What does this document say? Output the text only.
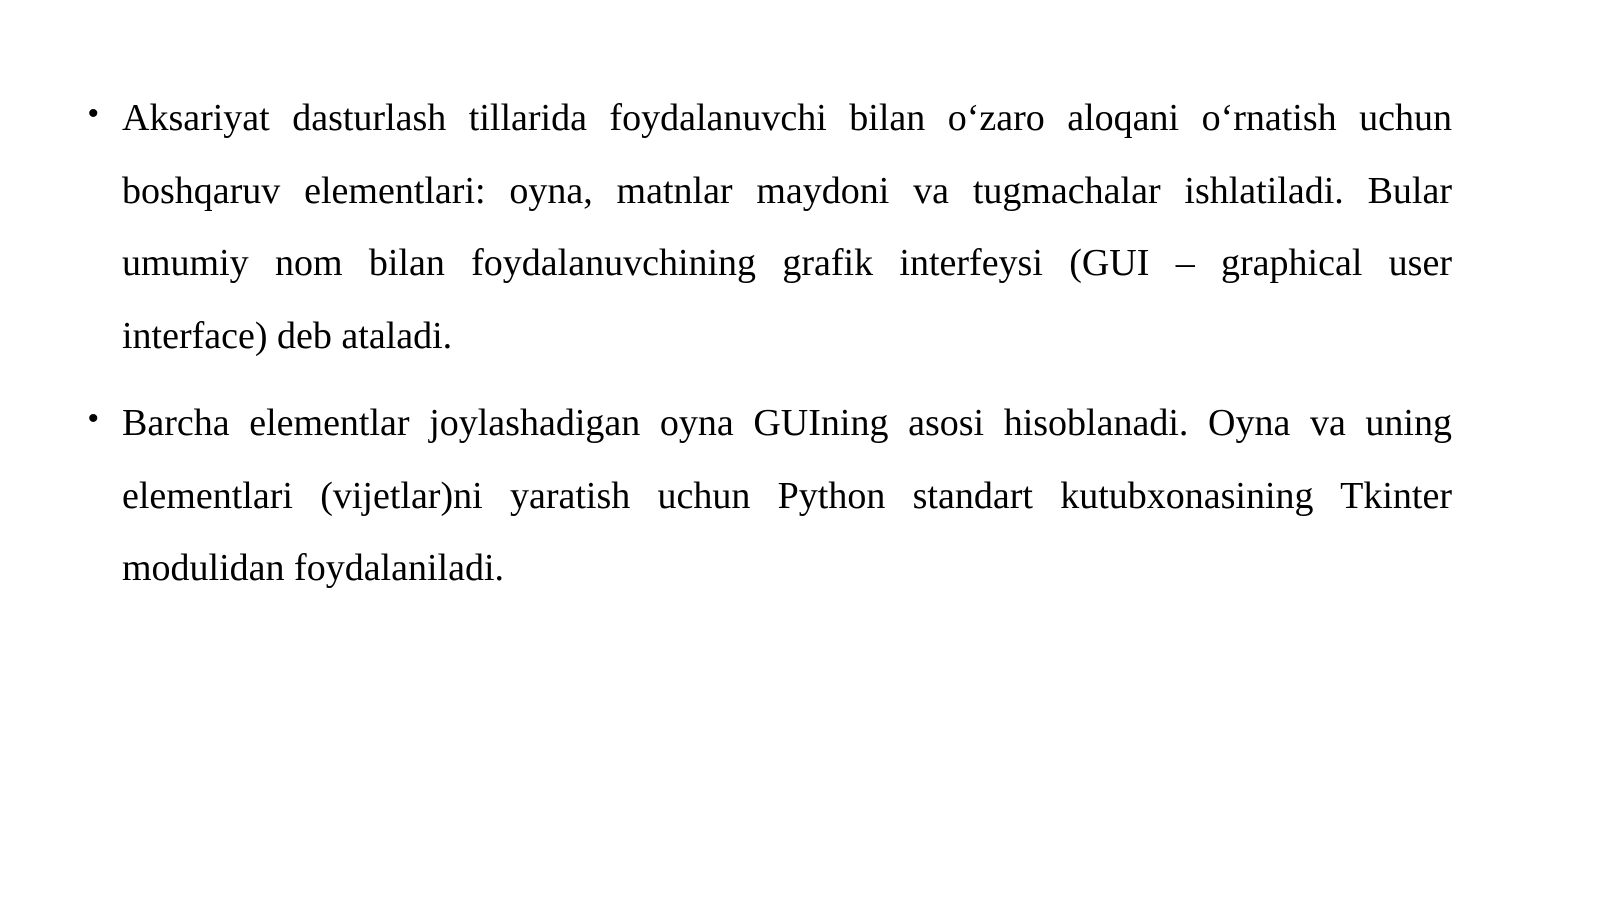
• Aksariyat dasturlash tillarida foydalanuvchi bilan o‘zaro aloqani o‘rnatish uchun boshqaruv elementlari: oyna, matnlar maydoni va tugmachalar ishlatiladi. Bular umumiy nom bilan foydalanuvchining grafik interfeysi (GUI – graphical user interface) deb ataladi.
• Barcha elementlar joylashadigan oyna GUIning asosi hisoblanadi. Oyna va uning elementlari (vijetlar)ni yaratish uchun Python standart kutubxonasining Tkinter modulidan foydalaniladi.
